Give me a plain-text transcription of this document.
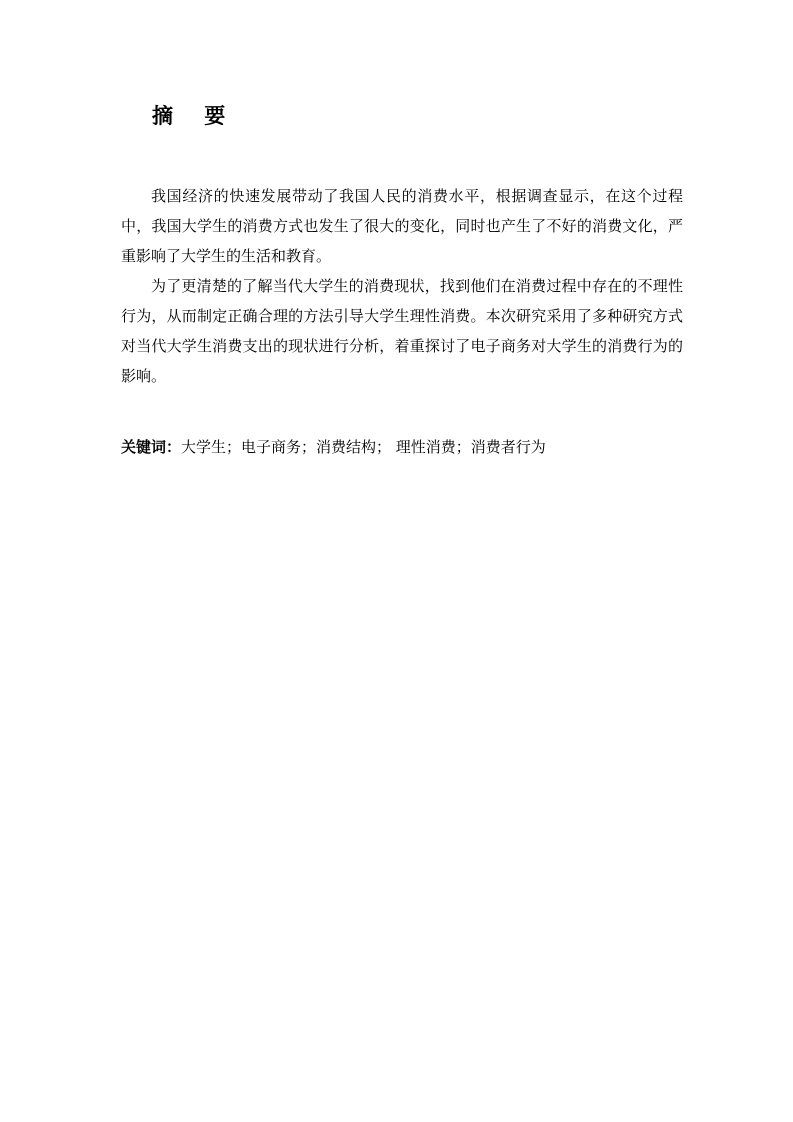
摘 要

我国经济的快速发展带动了我国人民的消费水平，根据调查显示，在这个过程中，我国大学生的消费方式也发生了很大的变化，同时也产生了不好的消费文化，严重影响了大学生的生活和教育。

为了更清楚的了解当代大学生的消费现状，找到他们在消费过程中存在的不理性行为，从而制定正确合理的方法引导大学生理性消费。本次研究采用了多种研究方式对当代大学生消费支出的现状进行分析，着重探讨了电子商务对大学生的消费行为的影响。

关键词：大学生；电子商务；消费结构； 理性消费；消费者行为
